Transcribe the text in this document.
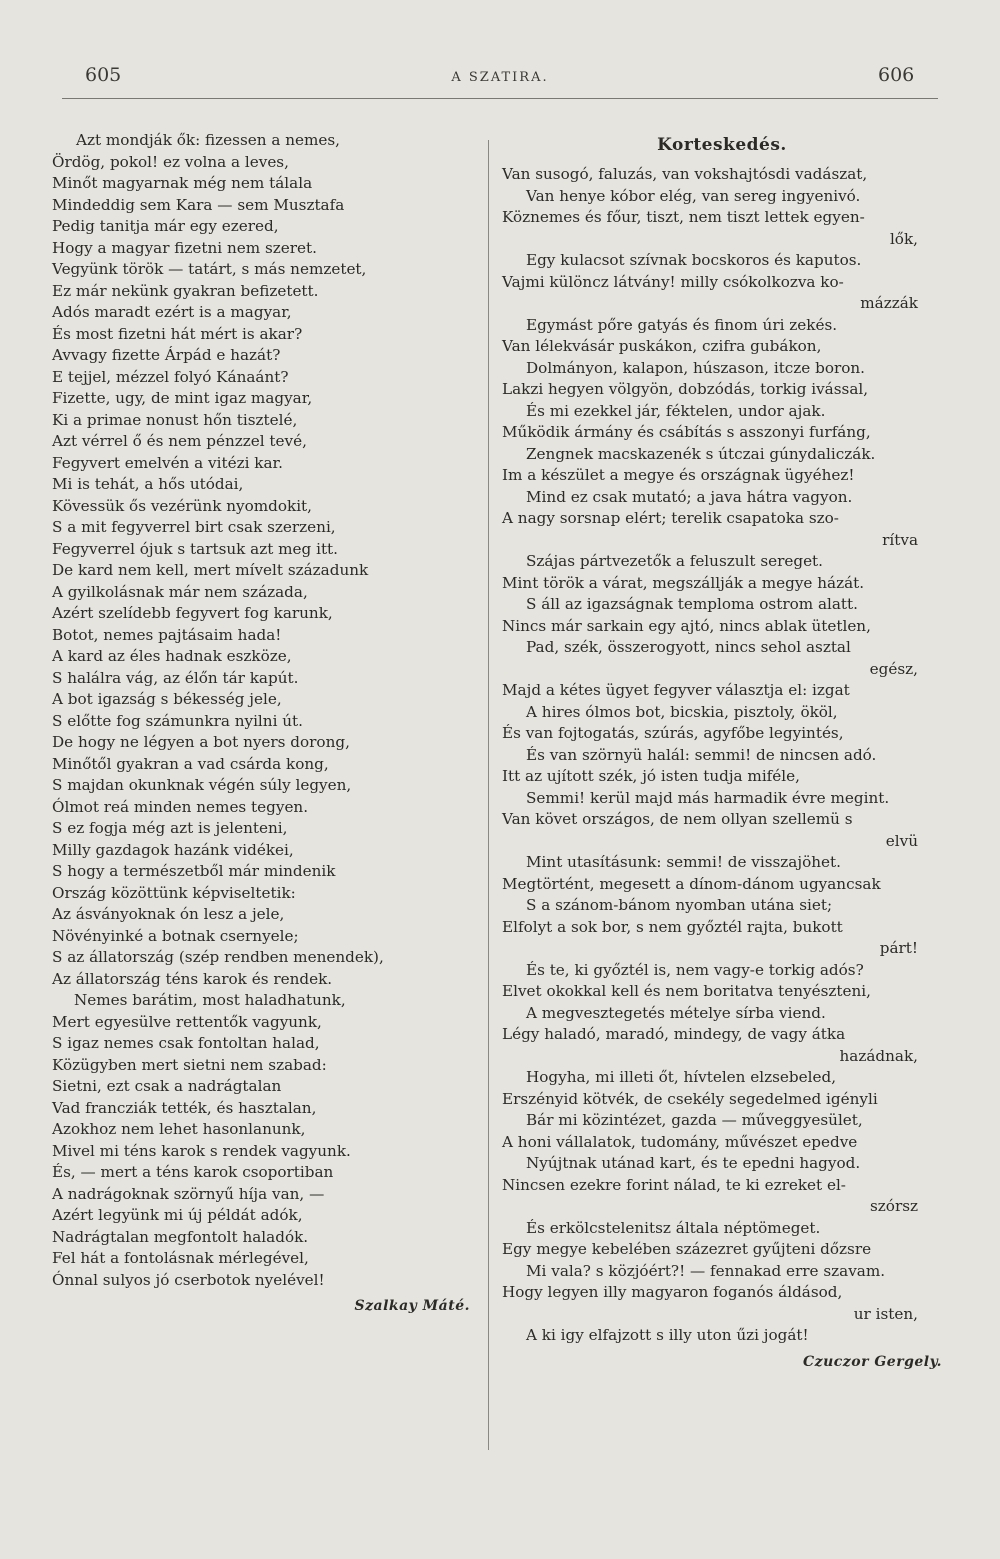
605	A SZATIRA.	606
Azt mondják ők: fizessen a nemes,
Ördög, pokol! ez volna a leves,
Minőt magyarnak még nem tálala
Mindeddig sem Kara — sem Musztafa
Pedig tanitja már egy ezered,
Hogy a magyar fizetni nem szeret.
Vegyünk török — tatárt, s más nemzetet,
Ez már nekünk gyakran befizetett.
Adós maradt ezért is a magyar,
És most fizetni hát mért is akar?
Avvagy fizette Árpád e hazát?
E tejjel, mézzel folyó Kánaánt?
Fizette, ugy, de mint igaz magyar,
Ki a primae nonust hőn tisztelé,
Azt vérrel ő és nem pénzzel tevé,
Fegyvert emelvén a vitézi kar.
Mi is tehát, a hős utódai,
Kövessük ős vezérünk nyomdokit,
S a mit fegyverrel birt csak szerzeni,
Fegyverrel ójuk s tartsuk azt meg itt.
De kard nem kell, mert mívelt századunk
A gyilkolásnak már nem százada,
Azért szelídebb fegyvert fog karunk,
Botot, nemes pajtásaim hada!
A kard az éles hadnak eszköze,
S halálra vág, az élőn tár kapút.
A bot igazság s békesség jele,
S előtte fog számunkra nyilni út.
De hogy ne légyen a bot nyers dorong,
Minőtől gyakran a vad csárda kong,
S majdan okunknak végén súly legyen,
Ólmot reá minden nemes tegyen.
S ez fogja még azt is jelenteni,
Milly gazdagok hazánk vidékei,
S hogy a természetből már mindenik
Ország közöttünk képviseltetik:
Az ásványoknak ón lesz a jele,
Növényinké a botnak csernyele;
S az állatország (szép rendben menendek),
Az állatország téns karok és rendek.
Nemes barátim, most haladhatunk,
Mert egyesülve rettentők vagyunk,
S igaz nemes csak fontoltan halad,
Közügyben mert sietni nem szabad:
Sietni, ezt csak a nadrágtalan
Vad francziák tették, és hasztalan,
Azokhoz nem lehet hasonlanunk,
Mivel mi téns karok s rendek vagyunk.
És, — mert a téns karok csoportiban
A nadrágoknak szörnyű híja van, —
Azért legyünk mi új példát adók,
Nadrágtalan megfontolt haladók.
Fel hát a fontolásnak mérlegével,
Ónnal sulyos jó cserbotok nyelével!
Szalkay Máté.
Korteskedés.
Van susogó, faluzás, van vokshajtósdi vadászat,
Van henye kóbor elég, van sereg ingyenivó.
Köznemes és főur, tiszt, nem tiszt lettek egyen-
lők,
Egy kulacsot szívnak bocskoros és kaputos.
Vajmi különcz látvány! milly csókolkozva ko-
mázzák
Egymást pőre gatyás és finom úri zekés.
Van lélekvásár puskákon, czifra gubákon,
Dolmányon, kalapon, húszason, itcze boron.
Lakzi hegyen völgyön, dobzódás, torkig ivással,
És mi ezekkel jár, féktelen, undor ajak.
Működik ármány és csábítás s asszonyi furfáng,
Zengnek macskazenék s útczai gúnydaliczák.
Im a készület a megye és országnak ügyéhez!
Mind ez csak mutató; a java hátra vagyon.
A nagy sorsnap elért; terelik csapatoka szo-
rítva
Szájas pártvezetők a feluszult sereget.
Mint török a várat, megszállják a megye házát.
S áll az igazságnak temploma ostrom alatt.
Nincs már sarkain egy ajtó, nincs ablak ütetlen,
Pad, szék, összerogyott, nincs sehol asztal
egész,
Majd a kétes ügyet fegyver választja el: izgat
A hires ólmos bot, bicskia, pisztoly, ököl,
És van fojtogatás, szúrás, agyfőbe legyintés,
És van szörnyü halál: semmi! de nincsen adó.
Itt az ujított szék, jó isten tudja miféle,
Semmi! kerül majd más harmadik évre megint.
Van követ országos, de nem ollyan szellemü s
elvü
Mint utasításunk: semmi! de visszajöhet.
Megtörtént, megesett a dínom-dánom ugyancsak
S a szánom-bánom nyomban utána siet;
Elfolyt a sok bor, s nem győztél rajta, bukott
párt!
És te, ki győztél is, nem vagy-e torkig adós?
Elvet okokkal kell és nem boritatva tenyészteni,
A megvesztegetés mételye sírba viend.
Légy haladó, maradó, mindegy, de vagy átka
hazádnak,
Hogyha, mi illeti őt, hívtelen elzsebeled,
Erszényid kötvék, de csekély segedelmed igényli
Bár mi közintézet, gazda — műveggyesület,
A honi vállalatok, tudomány, művészet epedve
Nyújtnak utánad kart, és te epedni hagyod.
Nincsen ezekre forint nálad, te ki ezreket el-
szórsz
És erkölcstelenitsz általa néptömeget.
Egy megye kebelében százezret gyűjteni dőzsre
Mi vala? s közjóért?! — fennakad erre szavam.
Hogy legyen illy magyaron foganós áldásod,
ur isten,
A ki igy elfajzott s illy uton űzi jogát!
Czuczor Gergely.
